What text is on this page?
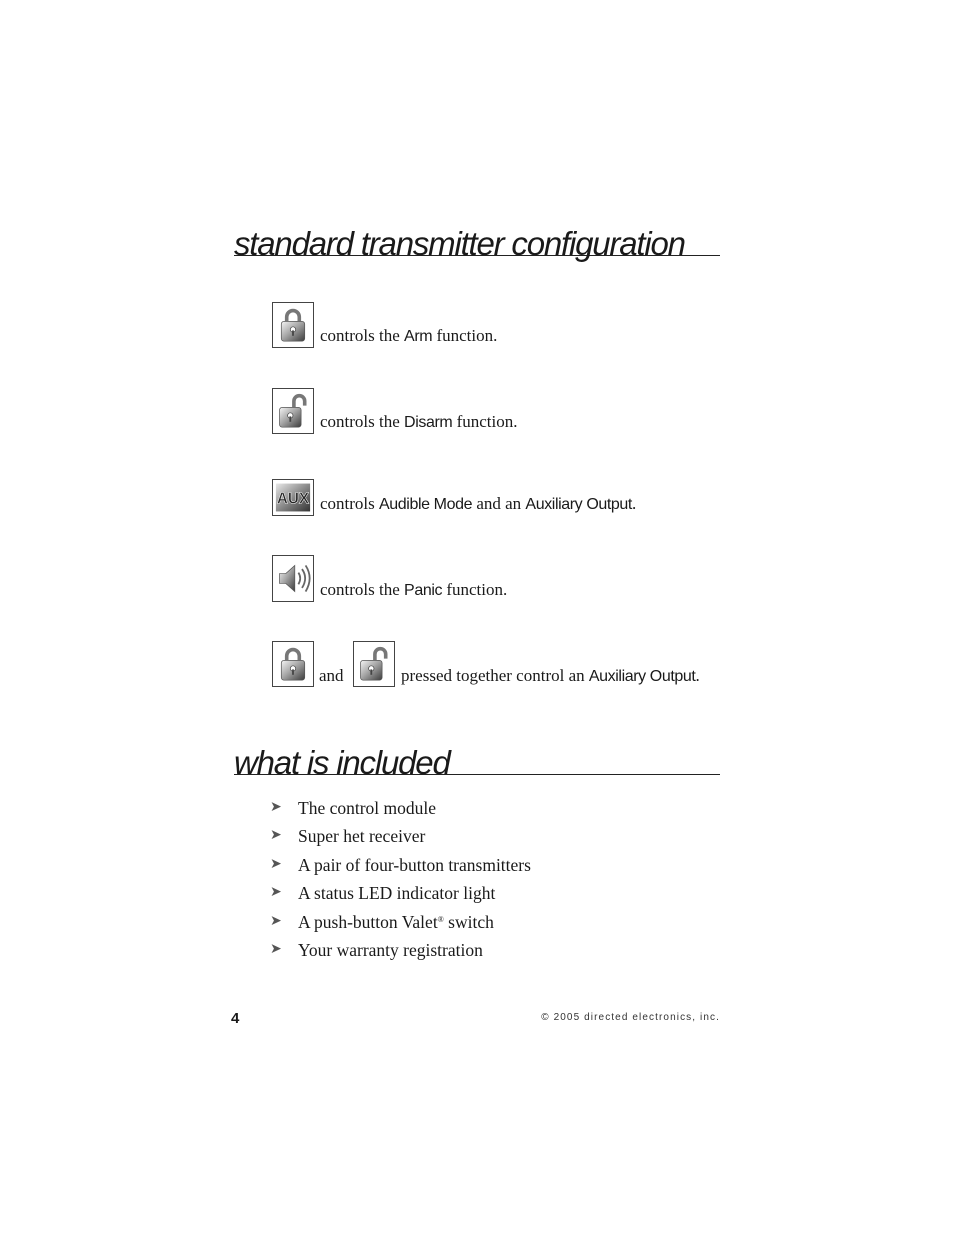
standard transmitter configuration
controls the Arm function.
controls the Disarm function.
AUX controls Audible Mode and an Auxiliary Output.
controls the Panic function.
and	pressed together control an Auxiliary Output.
what is included
➤ The control module
➤ Super het receiver
➤ A pair of four-button transmitters
➤ A status LED indicator light
➤ A push-button Valet® switch
➤ Your warranty registration
4	© 2005 directed electronics, inc.
